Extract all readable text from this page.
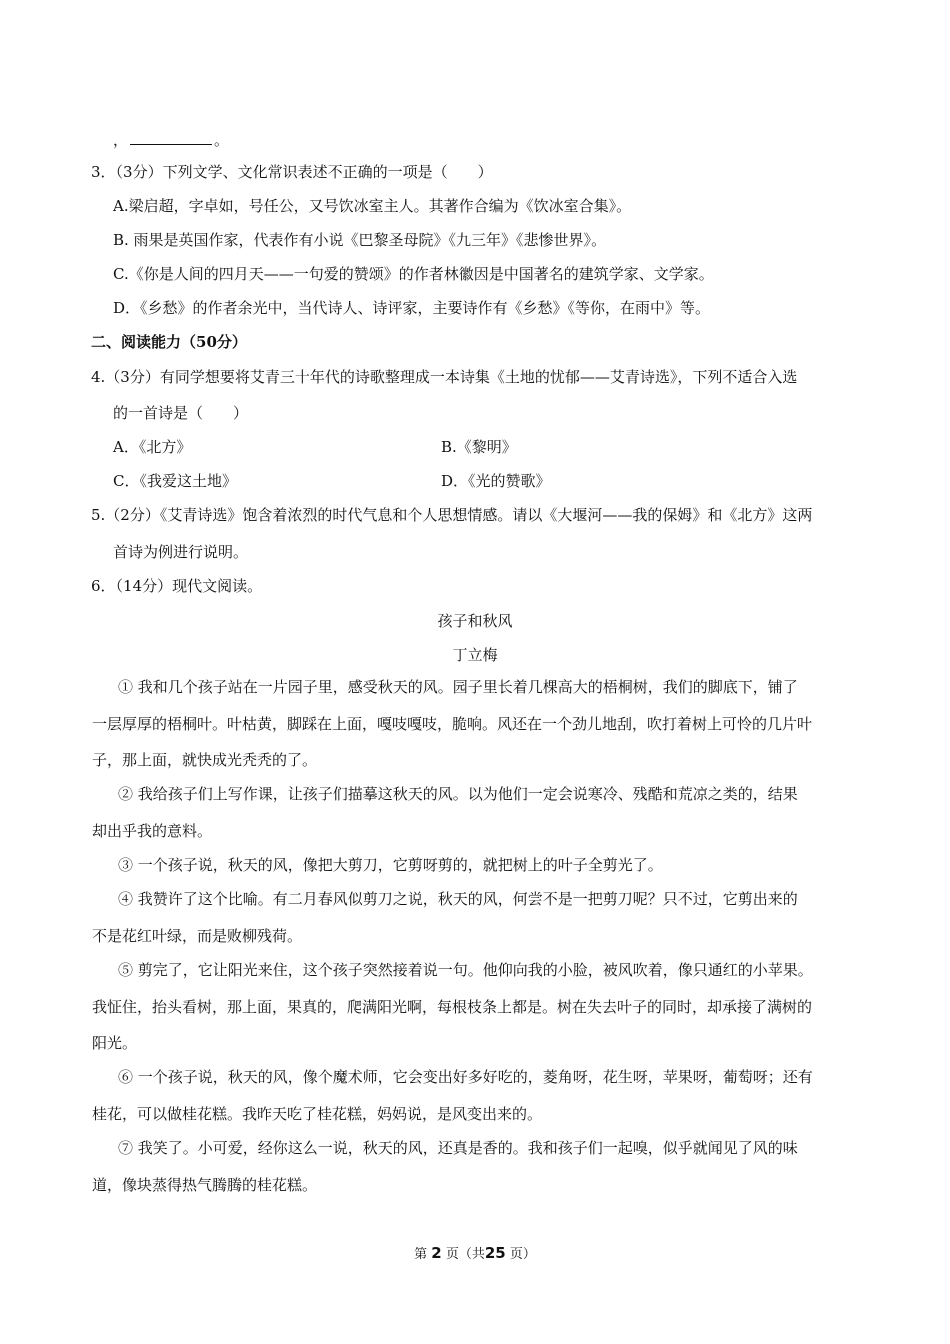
，	。
3．（3分）下列文学、文化常识表述不正确的一项是（　　）
A.梁启超，字卓如，号任公，又号饮冰室主人。其著作合编为《饮冰室合集》。
B. 雨果是英国作家，代表作有小说《巴黎圣母院》《九三年》《悲惨世界》。
C.《你是人间的四月天——一句爱的赞颂》的作者林徽因是中国著名的建筑学家、文学家。
D．《乡愁》的作者余光中，当代诗人、诗评家，主要诗作有《乡愁》《等你，在雨中》等。
二、阅读能力（50分）
4.（3分）有同学想要将艾青三十年代的诗歌整理成一本诗集《土地的忧郁——艾青诗选》，下列不适合入选
的一首诗是（　　）
A．《北方》	B.《黎明》
C．《我爱这土地》	D．《光的赞歌》
5.（2分）《艾青诗选》饱含着浓烈的时代气息和个人思想情感。请以《大堰河——我的保姆》和《北方》这两
首诗为例进行说明。
6．（14分）现代文阅读。
孩子和秋风
丁立梅
① 我和几个孩子站在一片园子里，感受秋天的风。园子里长着几棵高大的梧桐树，我们的脚底下，铺了
一层厚厚的梧桐叶。叶枯黄，脚踩在上面，嘎吱嘎吱，脆响。风还在一个劲儿地刮，吹打着树上可怜的几片叶
子，那上面，就快成光秃秃的了。
② 我给孩子们上写作课，让孩子们描摹这秋天的风。以为他们一定会说寒冷、残酷和荒凉之类的，结果
却出乎我的意料。
③ 一个孩子说，秋天的风，像把大剪刀，它剪呀剪的，就把树上的叶子全剪光了。
④ 我赞许了这个比喻。有二月春风似剪刀之说，秋天的风，何尝不是一把剪刀呢？只不过，它剪出来的
不是花红叶绿，而是败柳残荷。
⑤ 剪完了，它让阳光来住，这个孩子突然接着说一句。他仰向我的小脸，被风吹着，像只通红的小苹果。
我怔住，抬头看树，那上面，果真的，爬满阳光啊，每根枝条上都是。树在失去叶子的同时，却承接了满树的
阳光。
⑥ 一个孩子说，秋天的风，像个魔术师，它会变出好多好吃的，菱角呀，花生呀，苹果呀，葡萄呀；还有
桂花，可以做桂花糕。我昨天吃了桂花糕，妈妈说，是风变出来的。
⑦ 我笑了。小可爱，经你这么一说，秋天的风，还真是香的。我和孩子们一起嗅，似乎就闻见了风的味
道，像块蒸得热气腾腾的桂花糕。
第 2 页（共25 页）
